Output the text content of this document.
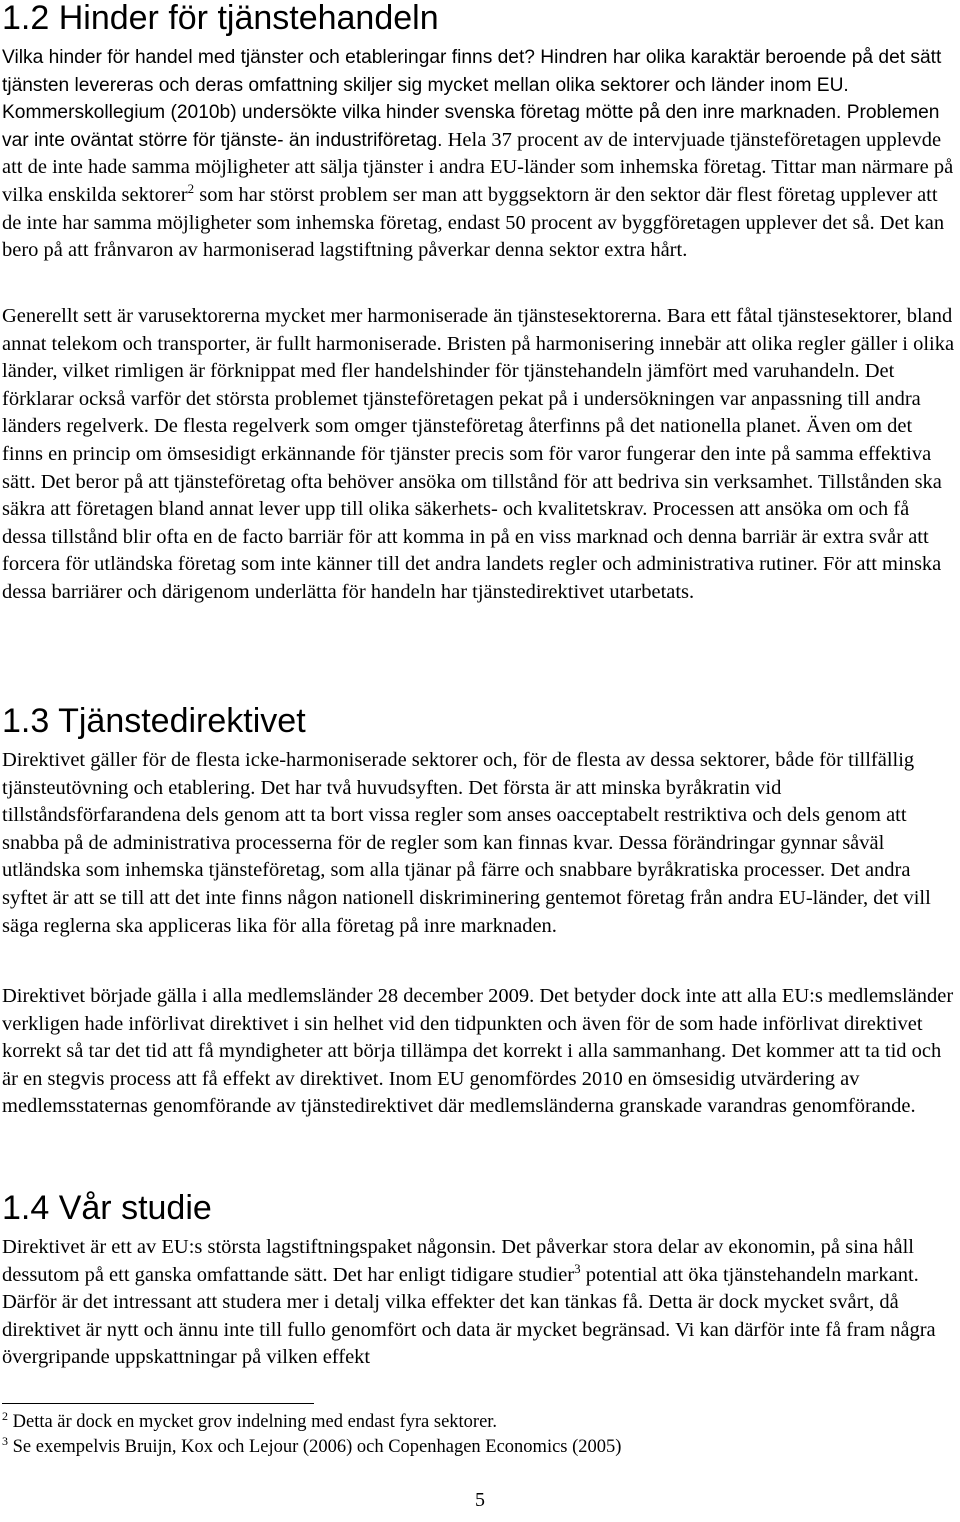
1.2 Hinder för tjänstehandeln

Vilka hinder för handel med tjänster och etableringar finns det? Hindren har olika karaktär beroende på det sätt tjänsten levereras och deras omfattning skiljer sig mycket mellan olika sektorer och länder inom EU. Kommerskollegium (2010b) undersökte vilka hinder svenska företag mötte på den inre marknaden. Problemen var inte oväntat större för tjänste- än industriföretag. Hela 37 procent av de intervjuade tjänsteföretagen upplevde att de inte hade samma möjligheter att sälja tjänster i andra EU-länder som inhemska företag. Tittar man närmare på vilka enskilda sektorer$^2$ som har störst problem ser man att byggsektorn är den sektor där flest företag upplever att de inte har samma möjligheter som inhemska företag, endast 50 procent av byggföretagen upplever det så. Det kan bero på att frånvaron av harmoniserad lagstiftning påverkar denna sektor extra hårt.

Generellt sett är varusektorerna mycket mer harmoniserade än tjänstesektorerna. Bara ett fåtal tjänstesektorer, bland annat telekom och transporter, är fullt harmoniserade. Bristen på harmonisering innebär att olika regler gäller i olika länder, vilket rimligen är förknippat med fler handelshinder för tjänstehandeln jämfört med varuhandeln. Det förklarar också varför det största problemet tjänsteföretagen pekat på i undersökningen var anpassning till andra länders regelverk. De flesta regelverk som omger tjänsteföretag återfinns på det nationella planet. Även om det finns en princip om ömsesidigt erkännande för tjänster precis som för varor fungerar den inte på samma effektiva sätt. Det beror på att tjänsteföretag ofta behöver ansöka om tillstånd för att bedriva sin verksamhet. Tillstånden ska säkra att företagen bland annat lever upp till olika säkerhets- och kvalitetskrav. Processen att ansöka om och få dessa tillstånd blir ofta en de facto barriär för att komma in på en viss marknad och denna barriär är extra svår att forcera för utländska företag som inte känner till det andra landets regler och administrativa rutiner. För att minska dessa barriärer och därigenom underlätta för handeln har tjänstedirektivet utarbetats.

1.3 Tjänstedirektivet

Direktivet gäller för de flesta icke-harmoniserade sektorer och, för de flesta av dessa sektorer, både för tillfällig tjänsteutövning och etablering. Det har två huvudsyften. Det första är att minska byråkratin vid tillståndsförfarandena dels genom att ta bort vissa regler som anses oacceptabelt restriktiva och dels genom att snabba på de administrativa processerna för de regler som kan finnas kvar. Dessa förändringar gynnar såväl utländska som inhemska tjänsteföretag, som alla tjänar på färre och snabbare byråkratiska processer. Det andra syftet är att se till att det inte finns någon nationell diskriminering gentemot företag från andra EU-länder, det vill säga reglerna ska appliceras lika för alla företag på inre marknaden.

Direktivet började gälla i alla medlemsländer 28 december 2009. Det betyder dock inte att alla EU:s medlemsländer verkligen hade införlivat direktivet i sin helhet vid den tidpunkten och även för de som hade införlivat direktivet korrekt så tar det tid att få myndigheter att börja tillämpa det korrekt i alla sammanhang. Det kommer att ta tid och är en stegvis process att få effekt av direktivet. Inom EU genomfördes 2010 en ömsesidig utvärdering av medlemsstaternas genomförande av tjänstedirektivet där medlemsländerna granskade varandras genomförande.

1.4 Vår studie

Direktivet är ett av EU:s största lagstiftningspaket någonsin. Det påverkar stora delar av ekonomin, på sina håll dessutom på ett ganska omfattande sätt. Det har enligt tidigare studier$^3$ potential att öka tjänstehandeln markant. Därför är det intressant att studera mer i detalj vilka effekter det kan tänkas få. Detta är dock mycket svårt, då direktivet är nytt och ännu inte till fullo genomfört och data är mycket begränsad. Vi kan därför inte få fram några övergripande uppskattningar på vilken effekt

$^2$ Detta är dock en mycket grov indelning med endast fyra sektorer.
$^3$ Se exempelvis Bruijn, Kox och Lejour (2006) och Copenhagen Economics (2005)
5
